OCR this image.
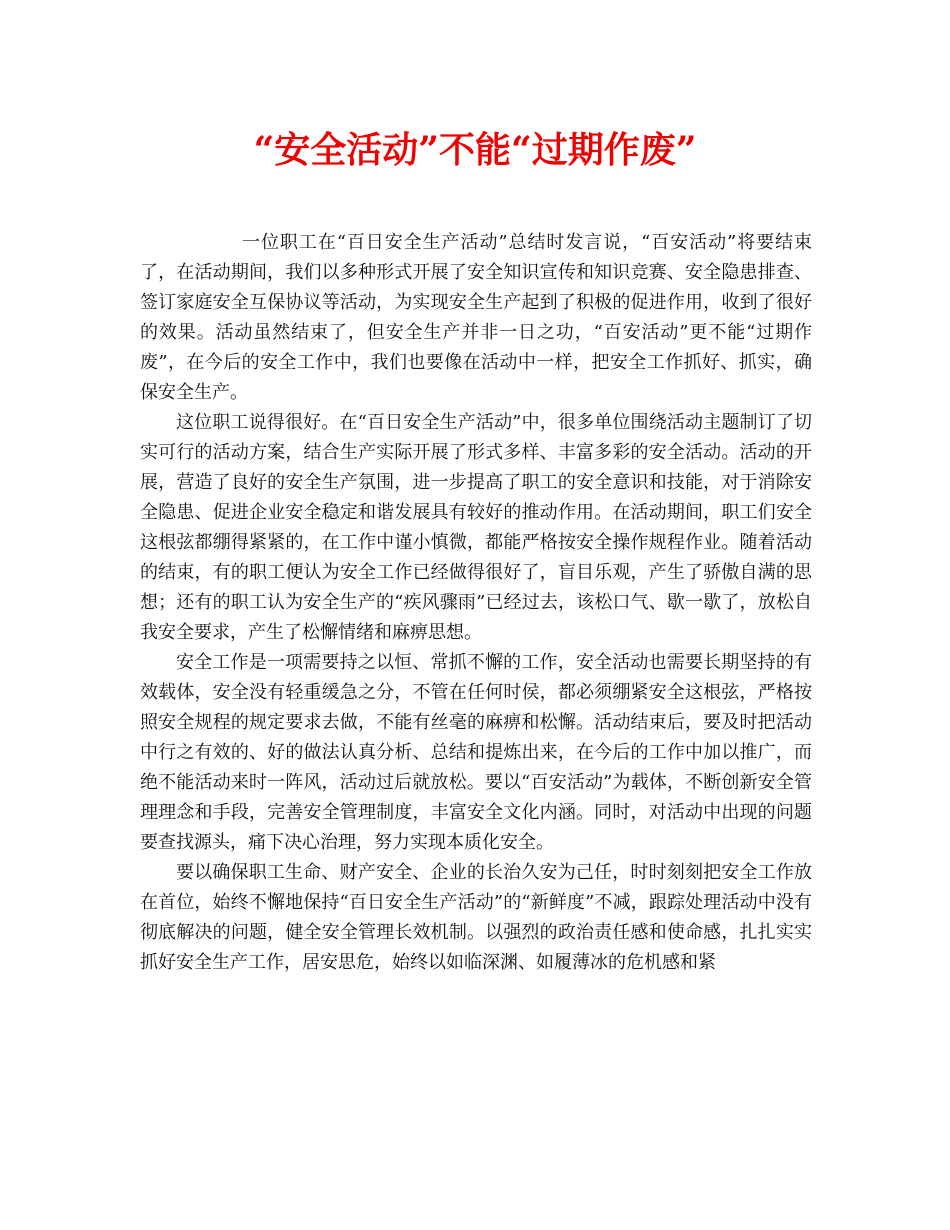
“安全活动”不能“过期作废”

一位职工在“百日安全生产活动”总结时发言说，“百安活动”将要结束了，在活动期间，我们以多种形式开展了安全知识宣传和知识竞赛、安全隐患排查、签订家庭安全互保协议等活动，为实现安全生产起到了积极的促进作用，收到了很好的效果。活动虽然结束了，但安全生产并非一日之功，“百安活动”更不能“过期作废”，在今后的安全工作中，我们也要像在活动中一样，把安全工作抓好、抓实，确保安全生产。

这位职工说得很好。在“百日安全生产活动”中，很多单位围绕活动主题制订了切实可行的活动方案，结合生产实际开展了形式多样、丰富多彩的安全活动。活动的开展，营造了良好的安全生产氛围，进一步提高了职工的安全意识和技能，对于消除安全隐患、促进企业安全稳定和谐发展具有较好的推动作用。在活动期间，职工们安全这根弦都绷得紧紧的，在工作中谨小慎微，都能严格按安全操作规程作业。随着活动的结束，有的职工便认为安全工作已经做得很好了，盲目乐观，产生了骄傲自满的思想；还有的职工认为安全生产的“疾风骤雨”已经过去，该松口气、歇一歇了，放松自我安全要求，产生了松懈情绪和麻痹思想。

安全工作是一项需要持之以恒、常抓不懈的工作，安全活动也需要长期坚持的有效载体，安全没有轻重缓急之分，不管在任何时侯，都必须绷紧安全这根弦，严格按照安全规程的规定要求去做，不能有丝毫的麻痹和松懈。活动结束后，要及时把活动中行之有效的、好的做法认真分析、总结和提炼出来，在今后的工作中加以推广，而绝不能活动来时一阵风，活动过后就放松。要以“百安活动”为载体，不断创新安全管理理念和手段，完善安全管理制度，丰富安全文化内涵。同时，对活动中出现的问题要查找源头，痛下决心治理，努力实现本质化安全。

要以确保职工生命、财产安全、企业的长治久安为己任，时时刻刻把安全工作放在首位，始终不懈地保持“百日安全生产活动”的“新鲜度”不减，跟踪处理活动中没有彻底解决的问题，健全安全管理长效机制。以强烈的政治责任感和使命感，扎扎实实抓好安全生产工作，居安思危，始终以如临深渊、如履薄冰的危机感和紧
